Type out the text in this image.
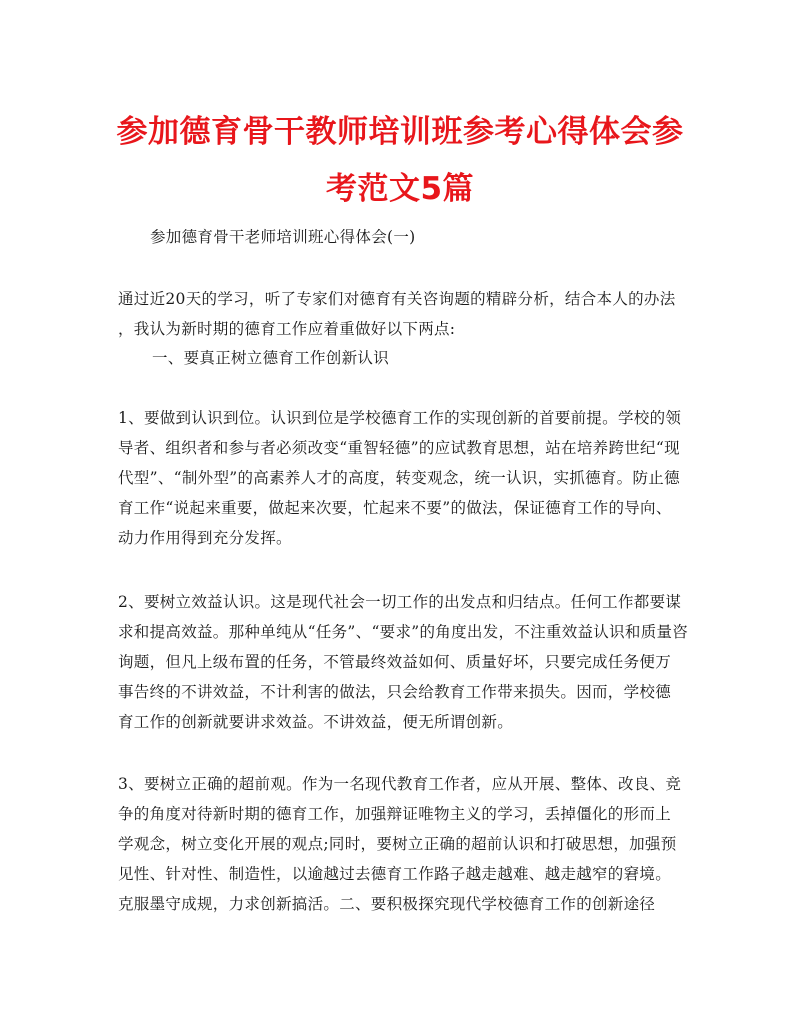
参加德育骨干教师培训班参考心得体会参
考范文5篇
参加德育骨干老师培训班心得体会(一)
通过近20天的学习，听了专家们对德育有关咨询题的精辟分析，结合本人的办法
，我认为新时期的德育工作应着重做好以下两点:
一、要真正树立德育工作创新认识
1、要做到认识到位。认识到位是学校德育工作的实现创新的首要前提。学校的领
导者、组织者和参与者必须改变“重智轻德”的应试教育思想，站在培养跨世纪“现
代型”、“制外型”的高素养人才的高度，转变观念，统一认识，实抓德育。防止德
育工作“说起来重要，做起来次要，忙起来不要”的做法，保证德育工作的导向、
动力作用得到充分发挥。
2、要树立效益认识。这是现代社会一切工作的出发点和归结点。任何工作都要谋
求和提高效益。那种单纯从“任务”、“要求”的角度出发，不注重效益认识和质量咨
询题，但凡上级布置的任务，不管最终效益如何、质量好坏，只要完成任务便万
事告终的不讲效益，不计利害的做法，只会给教育工作带来损失。因而，学校德
育工作的创新就要讲求效益。不讲效益，便无所谓创新。
3、要树立正确的超前观。作为一名现代教育工作者，应从开展、整体、改良、竞
争的角度对待新时期的德育工作，加强辩证唯物主义的学习，丢掉僵化的形而上
学观念，树立变化开展的观点;同时，要树立正确的超前认识和打破思想，加强预
见性、针对性、制造性，以逾越过去德育工作路子越走越难、越走越窄的窘境。
克服墨守成规，力求创新搞活。二、要积极探究现代学校德育工作的创新途径
